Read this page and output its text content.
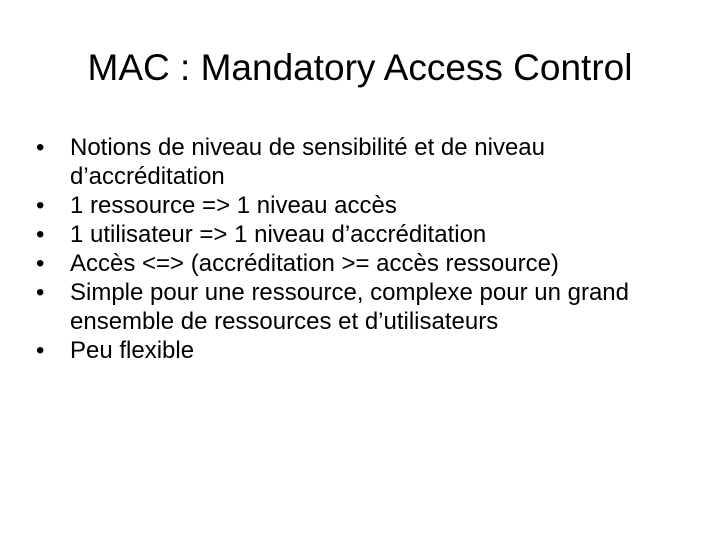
MAC : Mandatory Access Control
•	Notions de niveau de sensibilité et de niveau d’accréditation
•	1 ressource => 1 niveau accès
•	1 utilisateur => 1 niveau d’accréditation
•	Accès <=> (accréditation >= accès ressource)
•	Simple pour une ressource, complexe pour un grand ensemble de ressources et d’utilisateurs
•	Peu flexible
